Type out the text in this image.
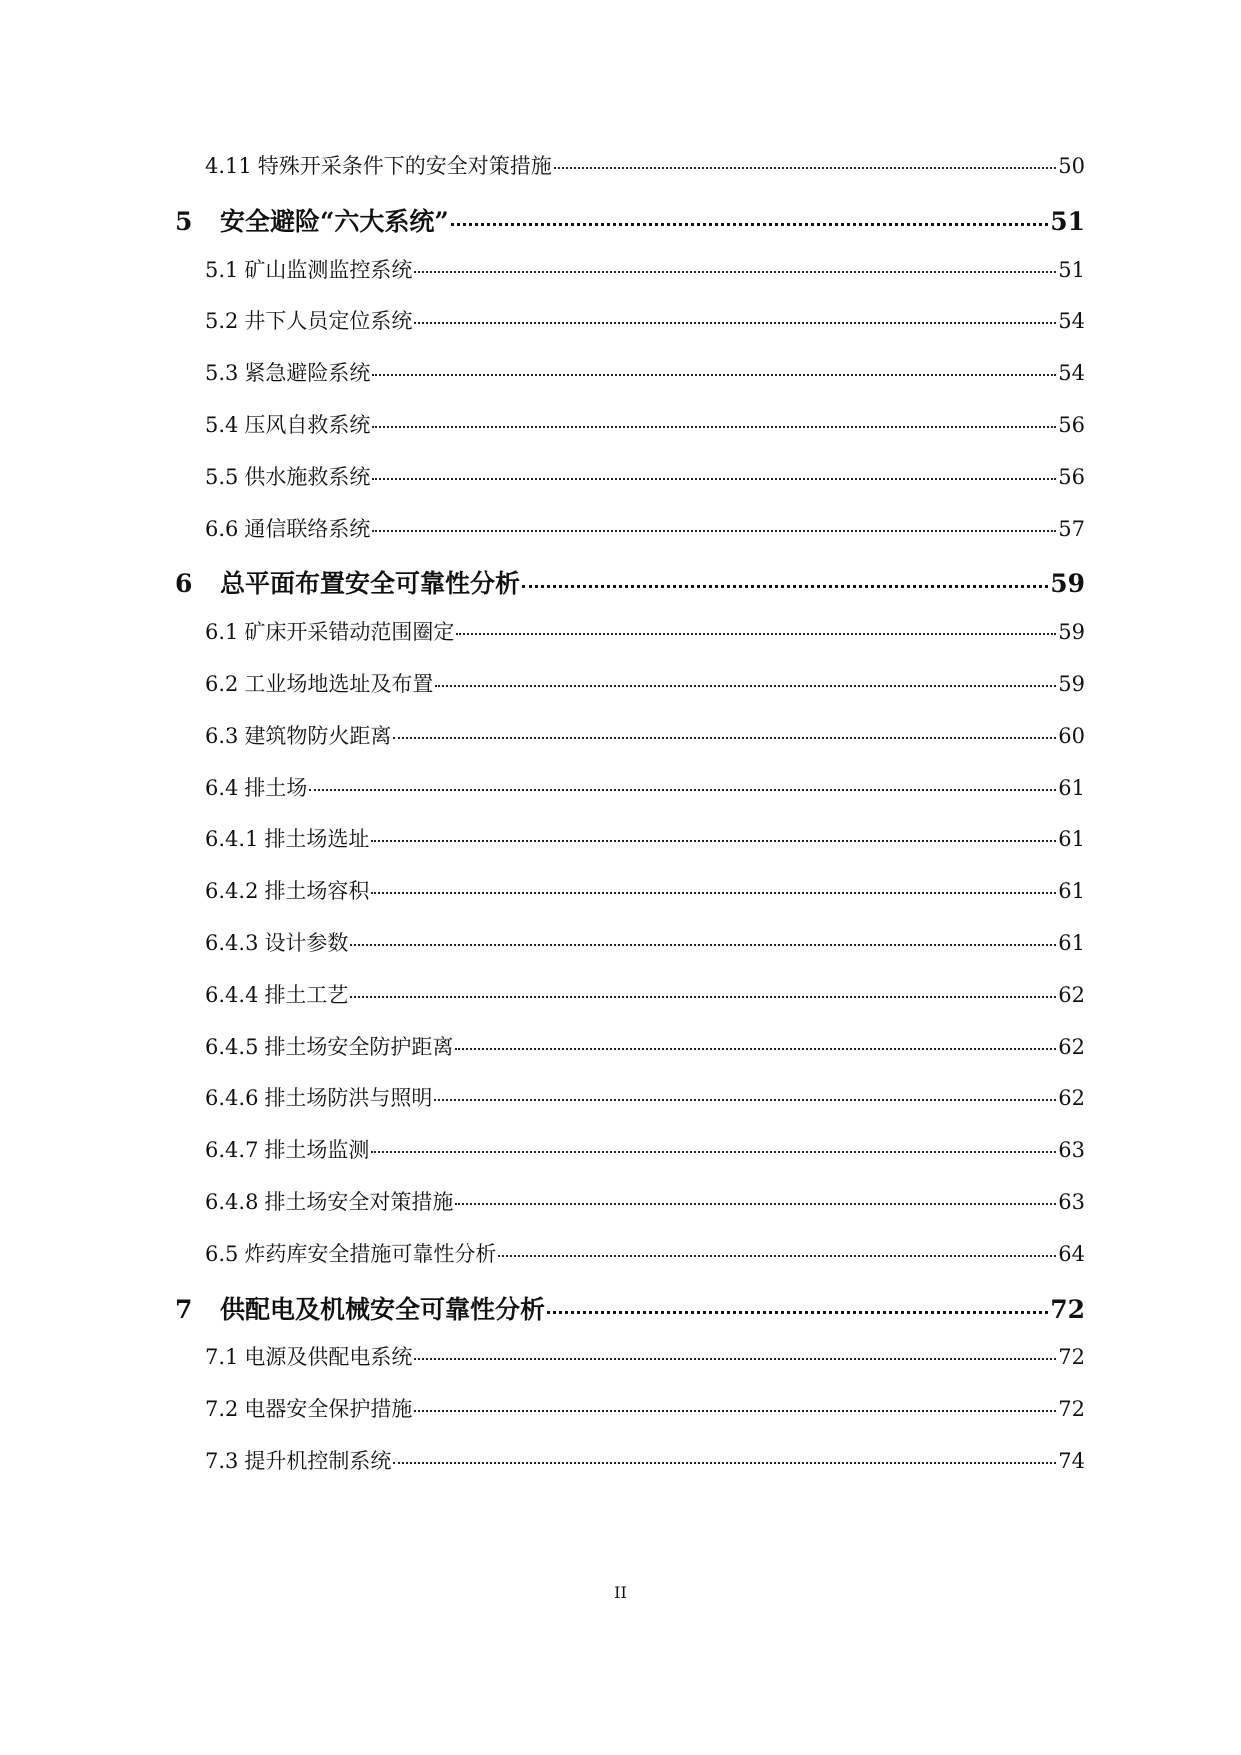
4.11 特殊开采条件下的安全对策措施	50
5	安全避险“六大系统”	51
5.1 矿山监测监控系统	51
5.2 井下人员定位系统	54
5.3 紧急避险系统	54
5.4 压风自救系统	56
5.5 供水施救系统	56
6.6 通信联络系统	57
6	总平面布置安全可靠性分析	59
6.1 矿床开采错动范围圈定	59
6.2 工业场地选址及布置	59
6.3 建筑物防火距离	60
6.4 排土场	61
6.4.1 排土场选址	61
6.4.2 排土场容积	61
6.4.3 设计参数	61
6.4.4 排土工艺	62
6.4.5 排土场安全防护距离	62
6.4.6 排土场防洪与照明	62
6.4.7 排土场监测	63
6.4.8 排土场安全对策措施	63
6.5 炸药库安全措施可靠性分析	64
7	供配电及机械安全可靠性分析	72
7.1 电源及供配电系统	72
7.2 电器安全保护措施	72
7.3 提升机控制系统	74
II
